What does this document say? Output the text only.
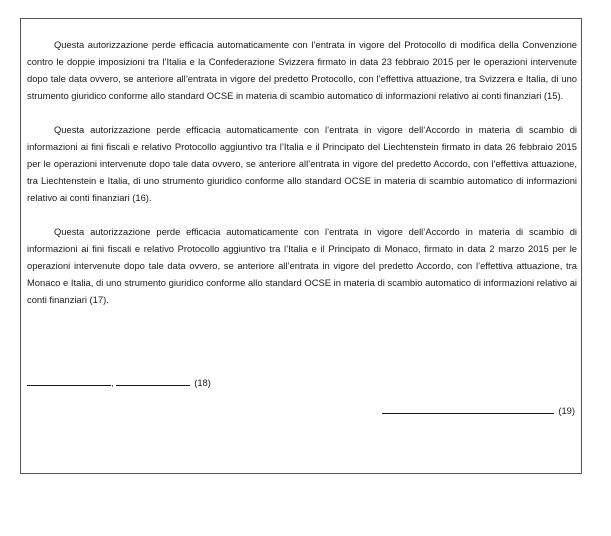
Questa autorizzazione perde efficacia automaticamente con l’entrata in vigore del Protocollo di modifica della Convenzione contro le doppie imposizioni tra l’Italia e la Confederazione Svizzera firmato in data 23 febbraio 2015 per le operazioni intervenute dopo tale data ovvero, se anteriore all’entrata in vigore del predetto Protocollo, con l’effettiva attuazione, tra Svizzera e Italia, di uno strumento giuridico conforme allo standard OCSE in materia di scambio automatico di informazioni relativo ai conti finanziari (15).

Questa autorizzazione perde efficacia automaticamente con l’entrata in vigore dell’Accordo in materia di scambio di informazioni ai fini fiscali e relativo Protocollo aggiuntivo tra l’Italia e il Principato del Liechtenstein firmato in data 26 febbraio 2015 per le operazioni intervenute dopo tale data ovvero, se anteriore all’entrata in vigore del predetto Accordo, con l’effettiva attuazione, tra Liechtenstein e Italia, di uno strumento giuridico conforme allo standard OCSE in materia di scambio automatico di informazioni relativo ai conti finanziari (16).

Questa autorizzazione perde efficacia automaticamente con l’entrata in vigore dell’Accordo in materia di scambio di informazioni ai fini fiscali e relativo Protocollo aggiuntivo tra l’Italia e il Principato di Monaco, firmato in data 2 marzo 2015 per le operazioni intervenute dopo tale data ovvero, se anteriore all’entrata in vigore del predetto Accordo, con l’effettiva attuazione, tra Monaco e Italia, di uno strumento giuridico conforme allo standard OCSE in materia di scambio automatico di informazioni relativo ai conti finanziari (17).

,	(18)
(19)
